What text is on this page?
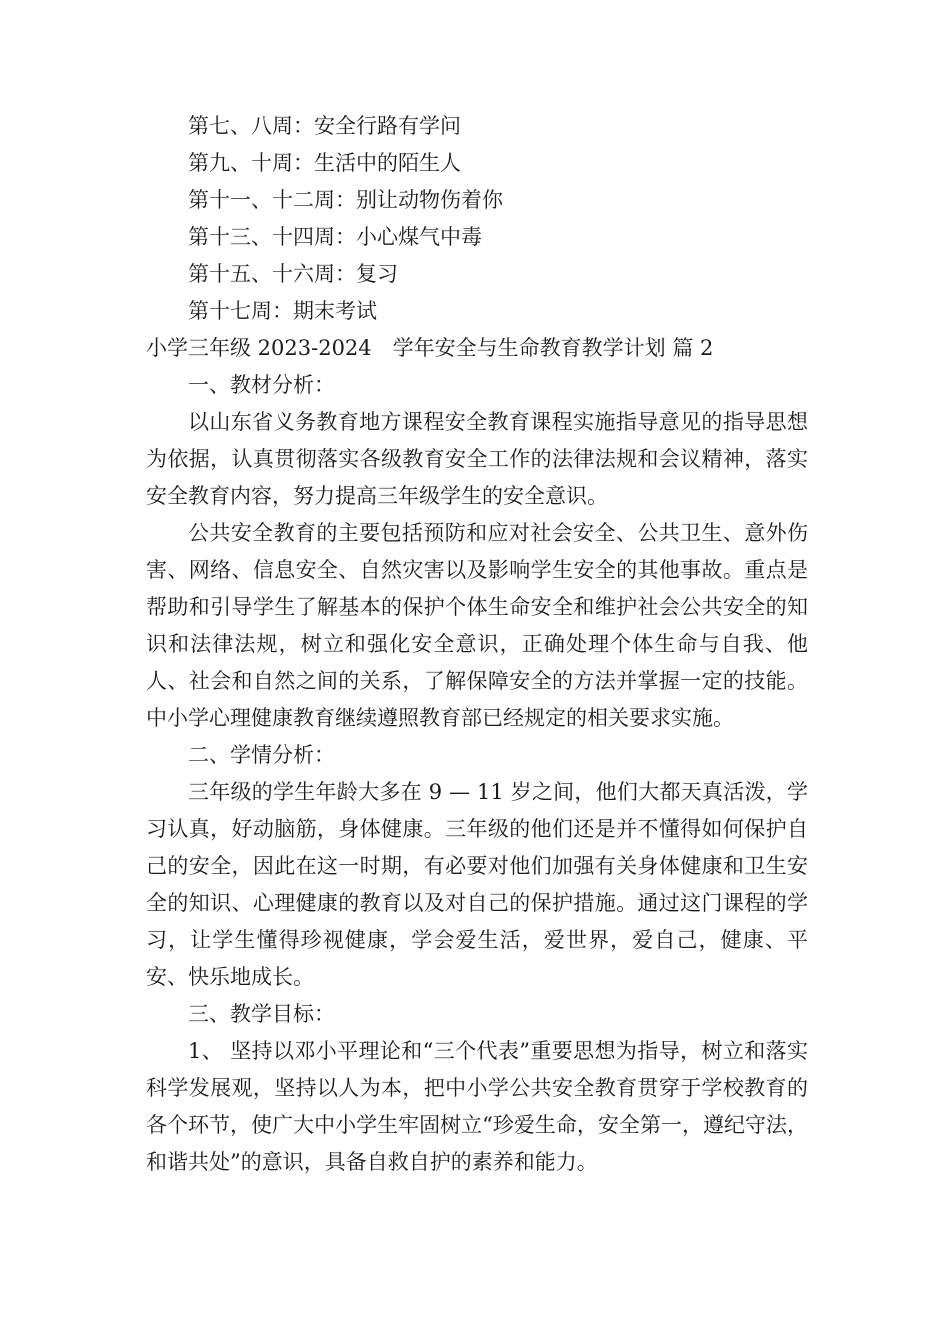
第七、八周：安全行路有学问

第九、十周：生活中的陌生人

第十一、十二周：别让动物伤着你

第十三、十四周：小心煤气中毒

第十五、十六周：复习

第十七周：期末考试

小学三年级 2023-2024　学年安全与生命教育教学计划 篇 2

一、教材分析：

以山东省义务教育地方课程安全教育课程实施指导意见的指导思想为依据，认真贯彻落实各级教育安全工作的法律法规和会议精神，落实安全教育内容，努力提高三年级学生的安全意识。

公共安全教育的主要包括预防和应对社会安全、公共卫生、意外伤害、网络、信息安全、自然灾害以及影响学生安全的其他事故。重点是帮助和引导学生了解基本的保护个体生命安全和维护社会公共安全的知识和法律法规，树立和强化安全意识，正确处理个体生命与自我、他人、社会和自然之间的关系，了解保障安全的方法并掌握一定的技能。中小学心理健康教育继续遵照教育部已经规定的相关要求实施。

二、学情分析：

三年级的学生年龄大多在 9 — 11 岁之间，他们大都天真活泼，学习认真，好动脑筋，身体健康。三年级的他们还是并不懂得如何保护自己的安全，因此在这一时期，有必要对他们加强有关身体健康和卫生安全的知识、心理健康的教育以及对自己的保护措施。通过这门课程的学习，让学生懂得珍视健康，学会爱生活，爱世界，爱自己，健康、平安、快乐地成长。

三、教学目标：

1、 坚持以邓小平理论和“三个代表”重要思想为指导，树立和落实科学发展观，坚持以人为本，把中小学公共安全教育贯穿于学校教育的各个环节，使广大中小学生牢固树立“珍爱生命，安全第一，遵纪守法，和谐共处”的意识，具备自救自护的素养和能力。
